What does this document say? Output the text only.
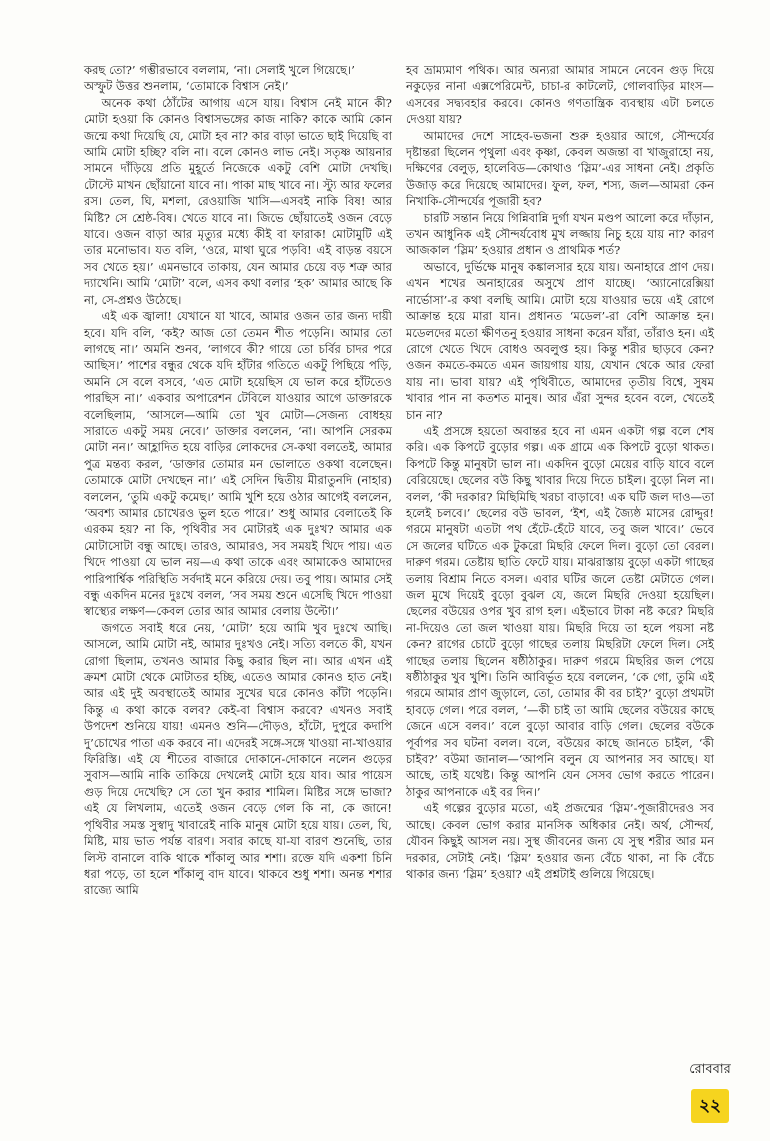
করছ তো?’ গম্ভীরভাবে বললাম, ‘না। সেলাই খুলে গিয়েছে।’

অস্ফুট উত্তর শুনলাম, ‘তোমাকে বিশ্বাস নেই।’

অনেক কথা ঠোঁটের আগায় এসে যায়। বিশ্বাস নেই মানে কী? মোটা হওয়া কি কোনও বিশ্বাসভঙ্গের কাজ নাকি? কাকে আমি কোন জন্মে কথা দিয়েছি যে, মোটা হব না? কার বাড়া ভাতে ছাই দিয়েছি বা আমি মোটা হচ্ছি? বলি না। বলে কোনও লাভ নেই। সতৃষ্ণ আয়নার সামনে দাঁড়িয়ে প্রতি মুহূর্তে নিজেকে একটু বেশি মোটা দেখছি। টোস্টে মাখন ছোঁয়ানো যাবে না। পাকা মাছ খাবে না। স্ট্যু আর ফলের রস। তেল, ঘি, মশলা, রেওয়াজি খাসি—এসবই নাকি বিষ! আর মিষ্টি? সে শ্রেষ্ঠ-বিষ। খেতে যাবে না। জিভে ছোঁয়াতেই ওজন বেড়ে যাবে। ওজন বাড়া আর মৃত্যুর মধ্যে কীই বা ফারাক! মোটামুটি এই তার মনোভাব। যত বলি, ‘ওরে, মাথা ঘুরে পড়বি! এই বাড়ন্ত বয়সে সব খেতে হয়।’ এমনভাবে তাকায়, যেন আমার চেয়ে বড় শত্রু আর দ্যাখেনি। আমি ‘মোটা’ বলে, এসব কথা বলার ‘হক’ আমার আছে কি না, সে-প্রশ্নও উঠেছে।

এই এক জ্বালা! যেখানে যা খাবে, আমার ওজন তার জন্য দায়ী হবে। যদি বলি, ‘কই? আজ তো তেমন শীত পড়েনি। আমার তো লাগছে না।’ অমনি শুনব, ‘লাগবে কী? গায়ে তো চর্বির চাদর পরে আছিস।’ পাশের বন্ধুর থেকে যদি হাঁটার গতিতে একটু পিছিয়ে পড়ি, অমনি সে বলে বসবে, ‘এত মোটা হয়েছিস যে ভাল করে হাঁটতেও পারছিস না।’ একবার অপারেশন টেবিলে যাওয়ার আগে ডাক্তারকে বলেছিলাম, ‘আসলে—আমি তো খুব মোটা—সেজন্য বোধহয় সারাতে একটু সময় নেবে।’ ডাক্তার বললেন, ‘না। আপনি সেরকম মোটা নন।’ আহ্লাদিত হয়ে বাড়ির লোকদের সে-কথা বলতেই, আমার পুত্র মন্তব্য করল, ‘ডাক্তার তোমার মন ভোলাতে ওকথা বলেছেন। তোমাকে মোটা দেখছেন না।’ এই সেদিন দ্বিতীয় মীরাতুনদি (নাহার) বললেন, ‘তুমি একটু কমেছ।’ আমি খুশি হয়ে ওঠার আগেই বললেন, ‘অবশ্য আমার চোখেরও ভুল হতে পারে।’ শুধু আমার বেলাতেই কি এরকম হয়? না কি, পৃথিবীর সব মোটারই এক দুঃখ? আমার এক মোটাসোটা বন্ধু আছে। তারও, আমারও, সব সময়ই খিদে পায়। এত খিদে পাওয়া যে ভাল নয়—এ কথা তাকে এবং আমাকেও আমাদের পারিপার্শ্বিক পরিস্থিতি সর্বদাই মনে করিয়ে দেয়। তবু পায়। আমার সেই বন্ধু একদিন মনের দুঃখে বলল, ‘সব সময় শুনে এসেছি খিদে পাওয়া স্বাস্থ্যের লক্ষণ—কেবল তোর আর আমার বেলায় উল্টো।’

জগতে সবাই ধরে নেয়, ‘মোটা’ হয়ে আমি খুব দুঃখে আছি। আসলে, আমি মোটা নই, আমার দুঃখও নেই। সত্যি বলতে কী, যখন রোগা ছিলাম, তখনও আমার কিছু করার ছিল না। আর এখন এই ক্রমশ মোটা থেকে মোটাতর হচ্ছি, এতেও আমার কোনও হাত নেই। আর এই দুই অবস্থাতেই আমার সুখের ঘরে কোনও কাঁটা পড়েনি। কিন্তু এ কথা কাকে বলব? কেই-বা বিশ্বাস করবে? এখনও সবাই উপদেশ শুনিয়ে যায়! এমনও শুনি—দৌড়ও, হাঁটো, দুপুরে কদাপি দু’চোখের পাতা এক করবে না। এদেরই সঙ্গে-সঙ্গে খাওয়া না-খাওয়ার ফিরিস্তি। এই যে শীতের বাজারে দোকানে-দোকানে নলেন গুড়ের সুবাস—আমি নাকি তাকিয়ে দেখলেই মোটা হয়ে যাব। আর পায়েস গুড় দিয়ে দেখেছি? সে তো খুন করার শামিল। মিষ্টির সঙ্গে ভাজা? এই যে লিখলাম, এতেই ওজন বেড়ে গেল কি না, কে জানে! পৃথিবীর সমস্ত সুস্বাদু খাবারেই নাকি মানুষ মোটা হয়ে যায়। তেল, ঘি, মিষ্টি, মায় ভাত পর্যন্ত বারণ। সবার কাছে যা-যা বারণ শুনেছি, তার লিস্ট বানালে বাকি থাকে শাঁকালু আর শশা। রক্তে যদি একশা চিনি ধরা পড়ে, তা হলে শাঁকালু বাদ যাবে। থাকবে শুধু শশা। অনন্ত শশার রাজ্যে আমি

হব ভ্রাম্যমাণ পথিক। আর অন্যরা আমার সামনে নেবেন গুড় দিয়ে নকুড়ের নানা এক্সপেরিমেন্ট, চাচা-র কাটলেট, গোলবাড়ির মাংস—এসবের সদ্ব্যবহার করবে। কোনও গণতান্ত্রিক ব্যবস্থায় এটা চলতে দেওয়া যায়?

আমাদের দেশে সাহেব-ভজনা শুরু হওয়ার আগে, সৌন্দর্যের দৃষ্টান্তরা ছিলেন পৃথুলা এবং কৃষ্ণা, কেবল অজন্তা বা খাজুরাহো নয়, দক্ষিণের বেলুড়, হালেবিড—কোথাও ‘স্লিম’-এর সাধনা নেই। প্রকৃতি উজাড় করে দিয়েছে আমাদের। ফুল, ফল, শস্য, জল—আমরা কেন নিখাকি-সৌন্দর্যের পূজারী হব?

চারটি সন্তান নিয়ে গিন্নিবান্নি দুর্গা যখন মণ্ডপ আলো করে দাঁড়ান, তখন আধুনিক এই সৌন্দর্যবোধ মুখ লজ্জায় নিচু হয়ে যায় না? কারণ আজকাল ‘স্লিম’ হওয়ার প্রধান ও প্রাথমিক শর্ত?

অভাবে, দুর্ভিক্ষে মানুষ কঙ্কালসার হয়ে যায়। অনাহারে প্রাণ দেয়। এখন শখের অনাহারের অসুখে প্রাণ যাচ্ছে। ‘অ্যানোরেক্সিয়া নার্ভোসা’-র কথা বলছি আমি। মোটা হয়ে যাওয়ার ভয়ে এই রোগে আক্রান্ত হয়ে মারা যান। প্রধানত ‘মডেল’-রা বেশি আক্রান্ত হন। মডেলদের মতো ক্ষীণতনু হওয়ার সাধনা করেন যাঁরা, তাঁরাও হন। এই রোগে খেতে খিদে বোধও অবলুপ্ত হয়। কিন্তু শরীর ছাড়বে কেন? ওজন কমতে-কমতে এমন জায়গায় যায়, যেখান থেকে আর ফেরা যায় না। ভাবা যায়? এই পৃথিবীতে, আমাদের তৃতীয় বিশ্বে, সুষম খাবার পান না কতশত মানুষ। আর এঁরা সুন্দর হবেন বলে, খেতেই চান না?

এই প্রসঙ্গে হয়তো অবান্তর হবে না এমন একটা গল্প বলে শেষ করি। এক কিপটে বুড়োর গল্প। এক গ্রামে এক কিপটে বুড়ো থাকত। কিপটে কিন্তু মানুষটা ভাল না। একদিন বুড়ো মেয়ের বাড়ি যাবে বলে বেরিয়েছে। ছেলের বউ কিছু খাবার দিয়ে দিতে চাইল। বুড়ো নিল না। বলল, ‘কী দরকার? মিছিমিছি খরচা বাড়াবে! এক ঘটি জল দাও—তা হলেই চলবে।’ ছেলের বউ ভাবল, ‘ইশ, এই জ্যৈষ্ঠ মাসের রোদ্দুর! গরমে মানুষটা এতটা পথ হেঁটে-হেঁটে যাবে, তবু জল খাবে।’ ভেবে সে জলের ঘটিতে এক টুকরো মিছরি ফেলে দিল। বুড়ো তো বেরল। দারুণ গরম। তেষ্টায় ছাতি ফেটে যায়। মাঝরাস্তায় বুড়ো একটা গাছের তলায় বিশ্রাম নিতে বসল। এবার ঘটির জলে তেষ্টা মেটাতে গেল। জল মুখে দিয়েই বুড়ো বুঝল যে, জলে মিছরি দেওয়া হয়েছিল। ছেলের বউয়ের ওপর খুব রাগ হল। এইভাবে টাকা নষ্ট করে? মিছরি না-দিয়েও তো জল খাওয়া যায়। মিছরি দিয়ে তা হলে পয়সা নষ্ট কেন? রাগের চোটে বুড়ো গাছের তলায় মিছরিটা ফেলে দিল। সেই গাছের তলায় ছিলেন ষষ্ঠীঠাকুর। দারুণ গরমে মিছরির জল পেয়ে ষষ্ঠীঠাকুর খুব খুশি। তিনি আবির্ভূত হয়ে বললেন, ‘কে গো, তুমি এই গরমে আমার প্রাণ জুড়ালে, তো, তোমার কী বর চাই?’ বুড়ো প্রথমটা হাবড়ে গেল। পরে বলল, ‘—কী চাই তা আমি ছেলের বউয়ের কাছে জেনে এসে বলব।’ বলে বুড়ো আবার বাড়ি গেল। ছেলের বউকে পূর্বাপর সব ঘটনা বলল। বলে, বউয়ের কাছে জানতে চাইল, ‘কী চাইব?’ বউমা জানাল—‘আপনি বলুন যে আপনার সব আছে। যা আছে, তাই যথেষ্ট। কিন্তু আপনি যেন সেসব ভোগ করতে পারেন। ঠাকুর আপনাকে এই বর দিন।’

এই গল্পের বুড়োর মতো, এই প্রজন্মের ‘স্লিম’-পূজারীদেরও সব আছে। কেবল ভোগ করার মানসিক অধিকার নেই। অর্থ, সৌন্দর্য, যৌবন কিছুই আসল নয়। সুস্থ জীবনের জন্য যে সুস্থ শরীর আর মন দরকার, সেটাই নেই। ‘স্লিম’ হওয়ার জন্য বেঁচে থাকা, না কি বেঁচে থাকার জন্য ‘স্লিম’ হওয়া? এই প্রশ্নটাই গুলিয়ে গিয়েছে।

রোববার
২২
